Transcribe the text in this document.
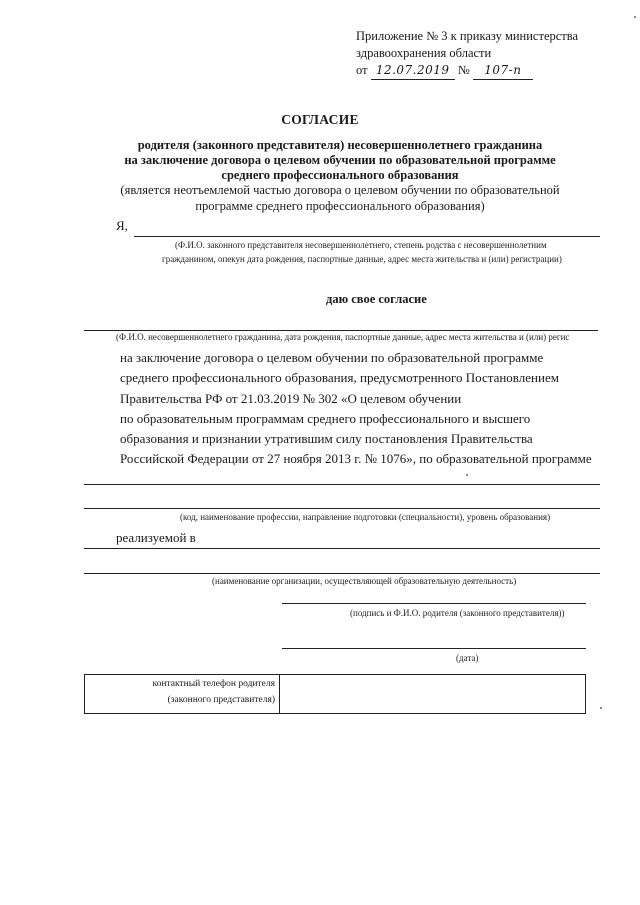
Приложение № 3 к приказу министерства
здравоохранения области
от 12.07.2019 № 107-n
СОГЛАСИЕ
родителя (законного представителя) несовершеннолетнего гражданина
на заключение договора о целевом обучении по образовательной программе
среднего профессионального образования
(является неотъемлемой частью договора о целевом обучении по образовательной
программе среднего профессионального образования)
Я,
(Ф.И.О. законного представителя несовершеннолетнего, степень родства с несовершеннолетним
гражданином, опекун дата рождения, паспортные данные, адрес места жительства и (или) регистрации)
даю свое согласие
(Ф.И.О. несовершеннолетнего гражданина, дата рождения, паспортные данные, адрес места жительства и (или) регис
на заключение договора о целевом обучении по образовательной программе
среднего профессионального образования, предусмотренного Постановлением
Правительства РФ от 21.03.2019 № 302 «О целевом обучении
по образовательным программам среднего профессионального и высшего
образования и признании утратившим силу постановления Правительства
Российской Федерации от 27 ноября 2013 г. № 1076», по образовательной программе
(код, наименование профессии, направление подготовки (специальности), уровень образования)
реализуемой в
(наименование организации, осуществляющей образовательную деятельность)
(подпись и Ф.И.О. родителя (законного представителя))
(дата)
контактный телефон родителя
(законного представителя)
